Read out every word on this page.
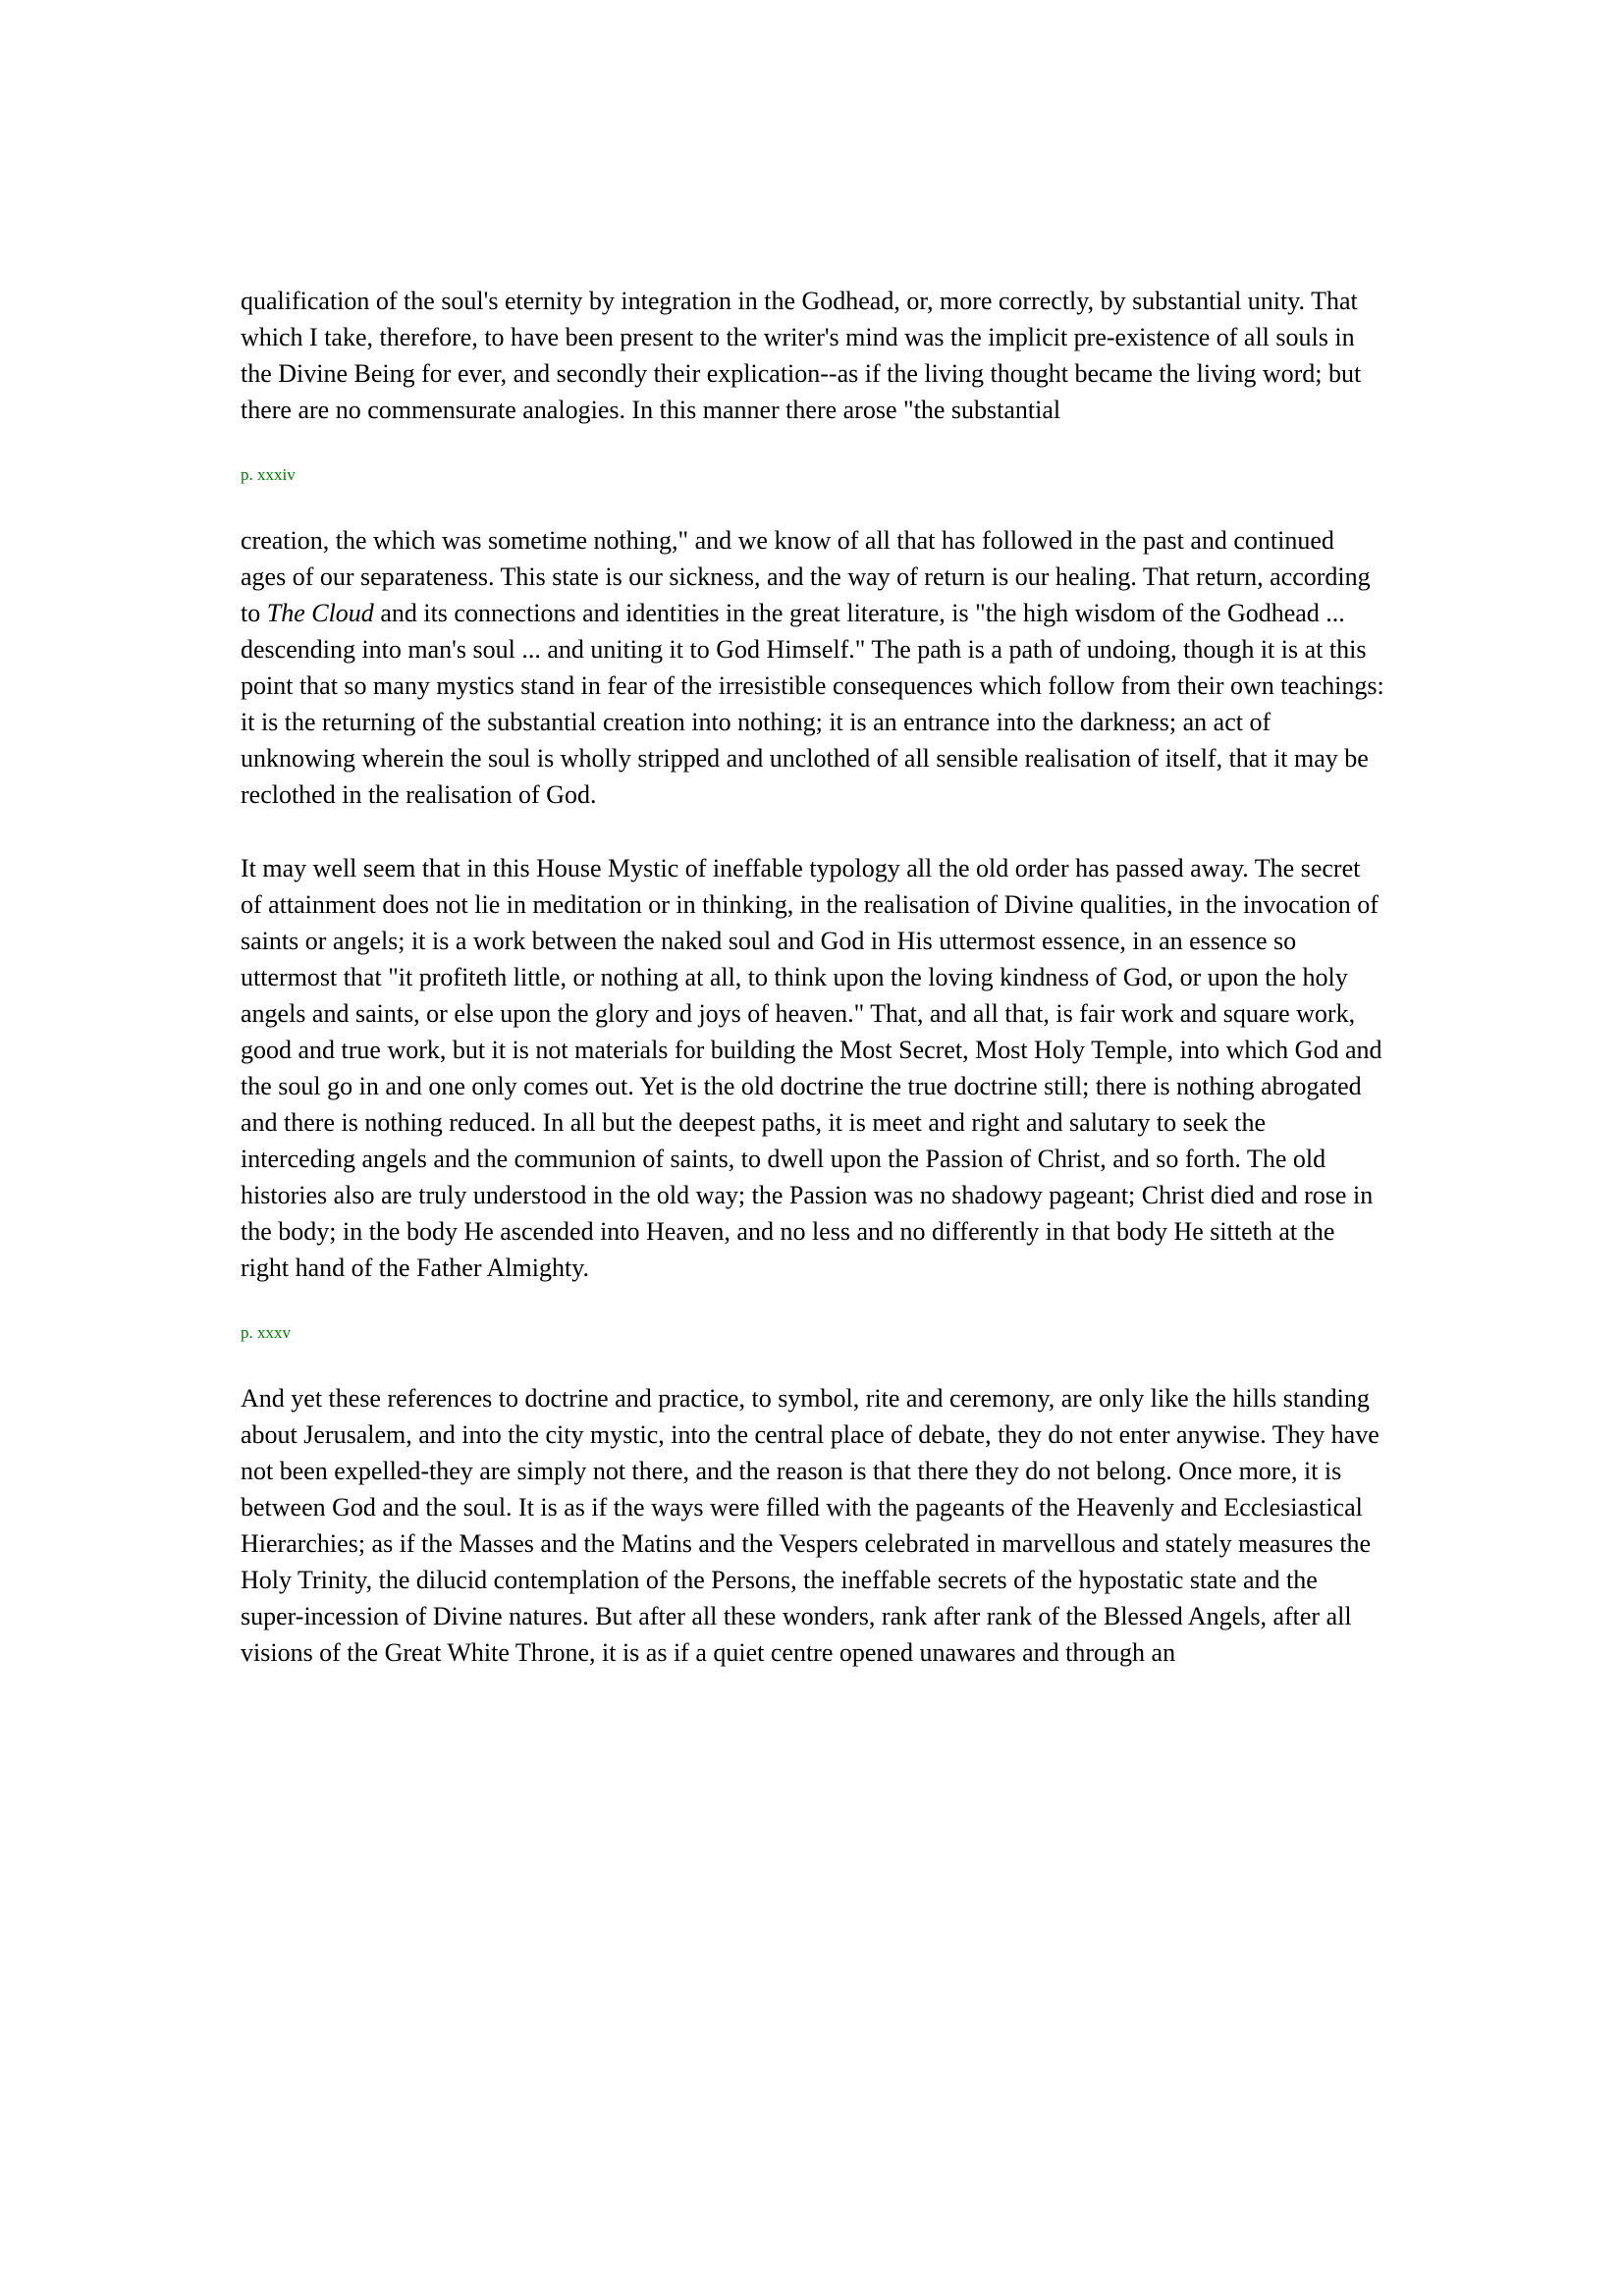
qualification of the soul's eternity by integration in the Godhead, or, more correctly, by substantial unity. That which I take, therefore, to have been present to the writer's mind was the implicit pre-existence of all souls in the Divine Being for ever, and secondly their explication--as if the living thought became the living word; but there are no commensurate analogies. In this manner there arose "the substantial

p. xxxiv

creation, the which was sometime nothing," and we know of all that has followed in the past and continued ages of our separateness. This state is our sickness, and the way of return is our healing. That return, according to The Cloud and its connections and identities in the great literature, is "the high wisdom of the Godhead ... descending into man's soul ... and uniting it to God Himself." The path is a path of undoing, though it is at this point that so many mystics stand in fear of the irresistible consequences which follow from their own teachings: it is the returning of the substantial creation into nothing; it is an entrance into the darkness; an act of unknowing wherein the soul is wholly stripped and unclothed of all sensible realisation of itself, that it may be reclothed in the realisation of God.

It may well seem that in this House Mystic of ineffable typology all the old order has passed away. The secret of attainment does not lie in meditation or in thinking, in the realisation of Divine qualities, in the invocation of saints or angels; it is a work between the naked soul and God in His uttermost essence, in an essence so uttermost that "it profiteth little, or nothing at all, to think upon the loving kindness of God, or upon the holy angels and saints, or else upon the glory and joys of heaven." That, and all that, is fair work and square work, good and true work, but it is not materials for building the Most Secret, Most Holy Temple, into which God and the soul go in and one only comes out. Yet is the old doctrine the true doctrine still; there is nothing abrogated and there is nothing reduced. In all but the deepest paths, it is meet and right and salutary to seek the interceding angels and the communion of saints, to dwell upon the Passion of Christ, and so forth. The old histories also are truly understood in the old way; the Passion was no shadowy pageant; Christ died and rose in the body; in the body He ascended into Heaven, and no less and no differently in that body He sitteth at the right hand of the Father Almighty.

p. xxxv

And yet these references to doctrine and practice, to symbol, rite and ceremony, are only like the hills standing about Jerusalem, and into the city mystic, into the central place of debate, they do not enter anywise. They have not been expelled-they are simply not there, and the reason is that there they do not belong. Once more, it is between God and the soul. It is as if the ways were filled with the pageants of the Heavenly and Ecclesiastical Hierarchies; as if the Masses and the Matins and the Vespers celebrated in marvellous and stately measures the Holy Trinity, the dilucid contemplation of the Persons, the ineffable secrets of the hypostatic state and the super-incession of Divine natures. But after all these wonders, rank after rank of the Blessed Angels, after all visions of the Great White Throne, it is as if a quiet centre opened unawares and through an
